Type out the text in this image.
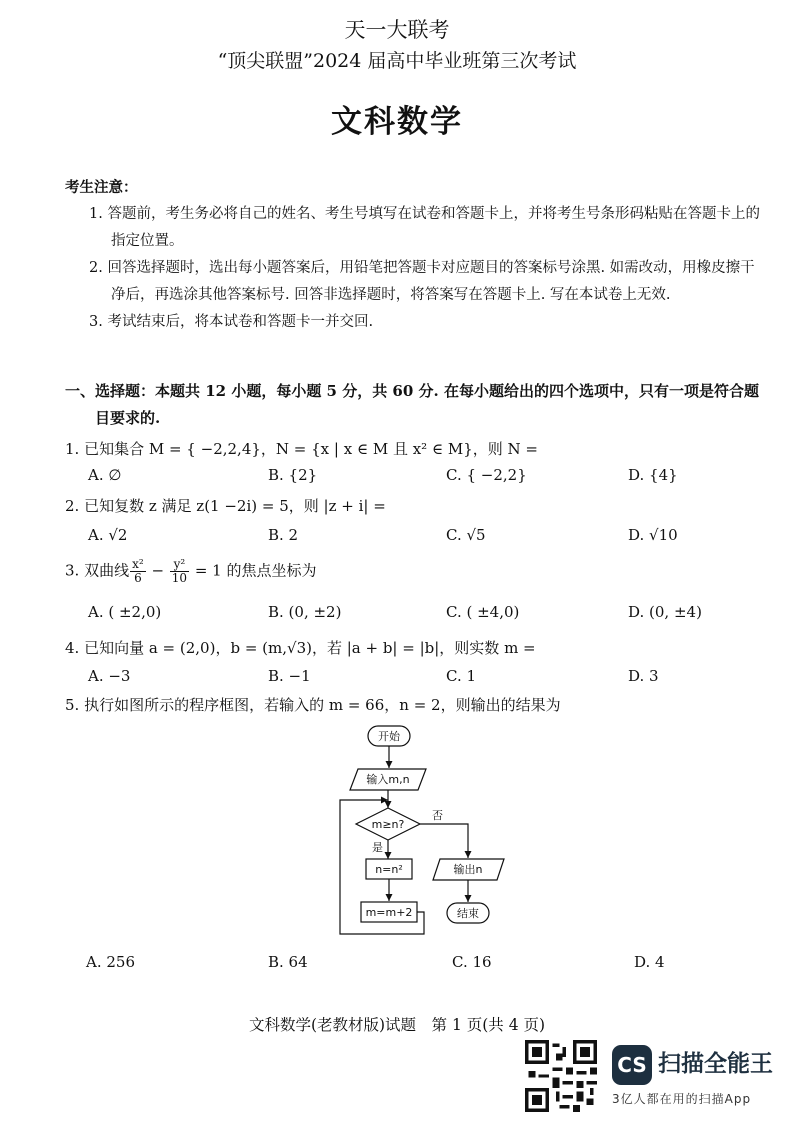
天一大联考
“顶尖联盟”2024 届高中毕业班第三次考试
文科数学
考生注意：
1. 答题前，考生务必将自己的姓名、考生号填写在试卷和答题卡上，并将考生号条形码粘贴在答题卡上的指定位置。
2. 回答选择题时，选出每小题答案后，用铅笔把答题卡对应题目的答案标号涂黑. 如需改动，用橡皮擦干净后，再选涂其他答案标号. 回答非选择题时，将答案写在答题卡上. 写在本试卷上无效.
3. 考试结束后，将本试卷和答题卡一并交回.
一、选择题：本题共 12 小题，每小题 5 分，共 60 分. 在每小题给出的四个选项中，只有一项是符合题目要求的.
1. 已知集合 M = { −2,2,4}，N = {x | x ∈ M 且 x² ∈ M}，则 N =
A. ∅	B. {2}	C. { −2,2}	D. {4}
2. 已知复数 z 满足 z(1 −2i) = 5，则 |z + i| =
A. √2	B. 2	C. √5	D. √10
3. 双曲线 $\frac{\text{x²}}{6} - \frac{\text{y²}}{10} = 1$ 的焦点坐标为
A. ( ±2,0)	B. (0, ±2)	C. ( ±4,0)	D. (0, ±4)
4. 已知向量 a = (2,0)，b = (m,√3)，若 |a + b| = |b|，则实数 m =
A. −3	B. −1	C. 1	D. 3
5. 执行如图所示的程序框图，若输入的 m = 66，n = 2，则输出的结果为
开始
输入m,n
m≥n?
否
是
n=n²
m=m+2
输出n
结束
A. 256	B. 64	C. 16	D. 4
文科数学(老教材版)试题　第 1 页(共 4 页)
CS 扫描全能王
3亿人都在用的扫描App
